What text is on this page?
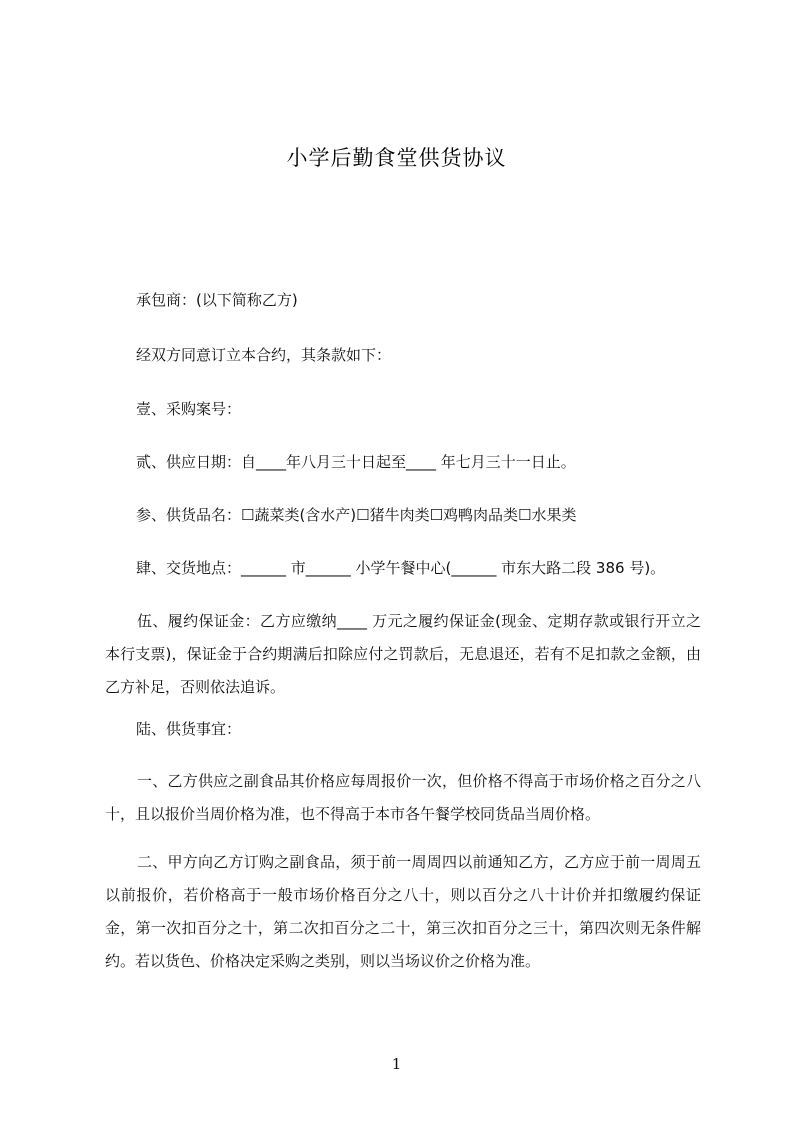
小学后勤食堂供货协议
承包商：(以下简称乙方)
经双方同意订立本合约，其条款如下：
壹、采购案号：
贰、供应日期：自____年八月三十日起至____ 年七月三十一日止。
参、供货品名：☐蔬菜类(含水产)☐猪牛肉类☐鸡鸭肉品类☐水果类
肆、交货地点：______ 市______ 小学午餐中心(______ 市东大路二段 386 号)。
伍、履约保证金：乙方应缴纳____ 万元之履约保证金(现金、定期存款或银行开立之本行支票)，保证金于合约期满后扣除应付之罚款后，无息退还，若有不足扣款之金额，由乙方补足，否则依法追诉。
陆、供货事宜：
一、乙方供应之副食品其价格应每周报价一次，但价格不得高于市场价格之百分之八十，且以报价当周价格为准，也不得高于本市各午餐学校同货品当周价格。
二、甲方向乙方订购之副食品，须于前一周周四以前通知乙方，乙方应于前一周周五以前报价，若价格高于一般市场价格百分之八十，则以百分之八十计价并扣缴履约保证金，第一次扣百分之十，第二次扣百分之二十，第三次扣百分之三十，第四次则无条件解约。若以货色、价格决定采购之类别，则以当场议价之价格为准。
1
